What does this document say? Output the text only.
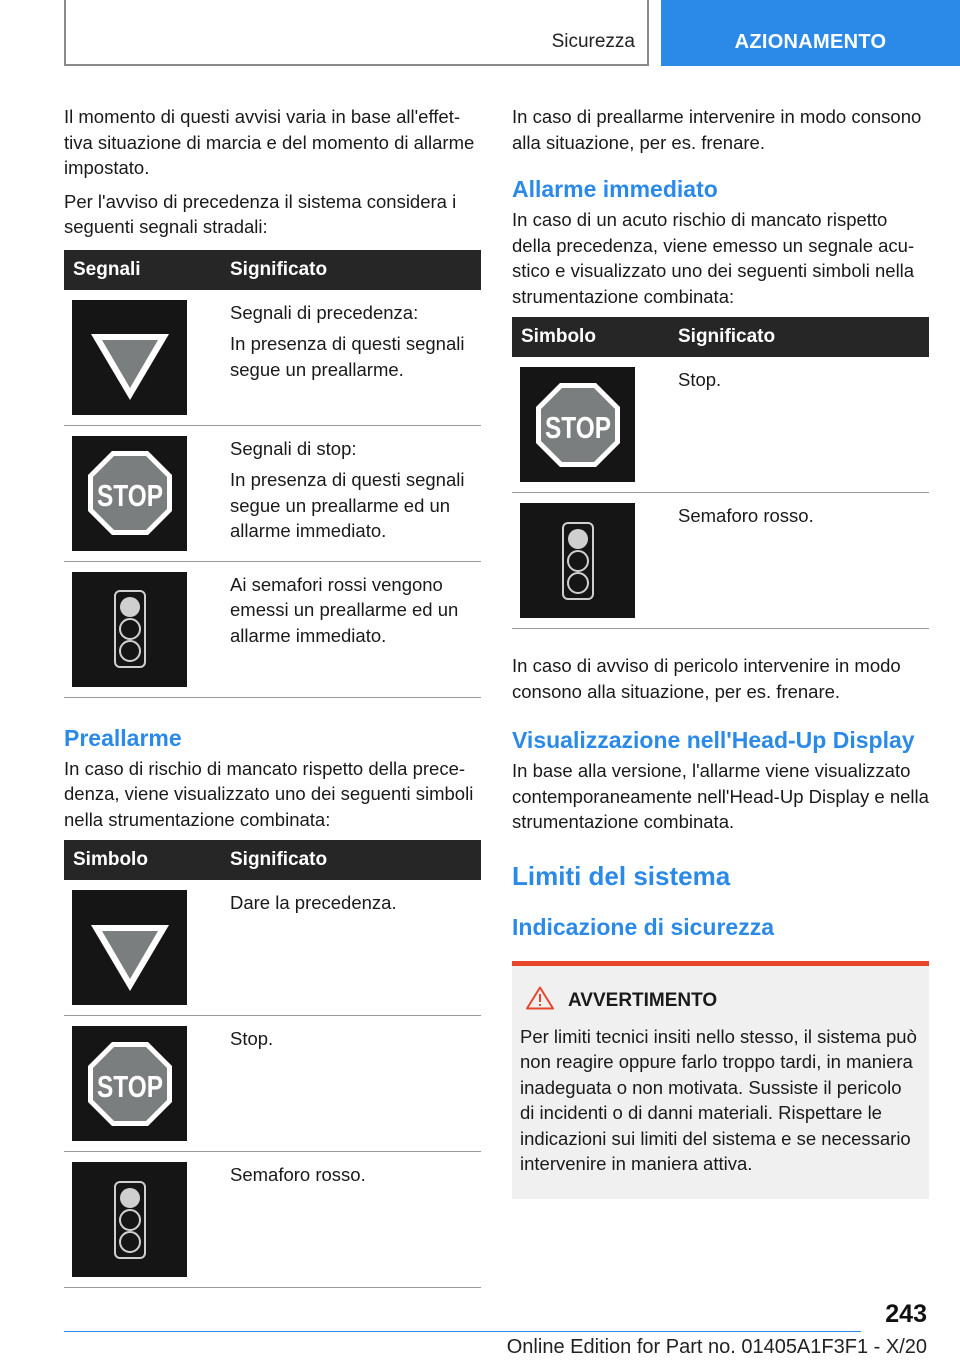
Sicurezza	AZIONAMENTO

Il momento di questi avvisi varia in base all'effettiva situazione di marcia e del momento di allarme impostato.

Per l'avviso di precedenza il sistema considera i seguenti segnali stradali:

Segnali	Significato

Segnali di precedenza:

In presenza di questi segnali segue un preallarme.

STOP	Segnali di stop:

In presenza di questi segnali segue un preallarme ed un allarme immediato.

Ai semafori rossi vengono emessi un preallarme ed un allarme immediato.

Preallarme

In caso di rischio di mancato rispetto della precedenza, viene visualizzato uno dei seguenti simboli nella strumentazione combinata:

Simbolo	Significato

Dare la precedenza.

STOP	Stop.

Semaforo rosso.

In caso di preallarme intervenire in modo consono alla situazione, per es. frenare.

Allarme immediato

In caso di un acuto rischio di mancato rispetto della precedenza, viene emesso un segnale acustico e visualizzato uno dei seguenti simboli nella strumentazione combinata:

Simbolo	Significato

STOP	Stop.

Semaforo rosso.

In caso di avviso di pericolo intervenire in modo consono alla situazione, per es. frenare.

Visualizzazione nell'Head-Up Display

In base alla versione, l'allarme viene visualizzato contemporaneamente nell'Head-Up Display e nella strumentazione combinata.

Limiti del sistema
Indicazione di sicurezza
AVVERTIMENTO

Per limiti tecnici insiti nello stesso, il sistema può non reagire oppure farlo troppo tardi, in maniera inadeguata o non motivata. Sussiste il pericolo di incidenti o di danni materiali. Rispettare le indicazioni sui limiti del sistema e se necessario intervenire in maniera attiva.

243
Online Edition for Part no. 01405A1F3F1 - X/20
